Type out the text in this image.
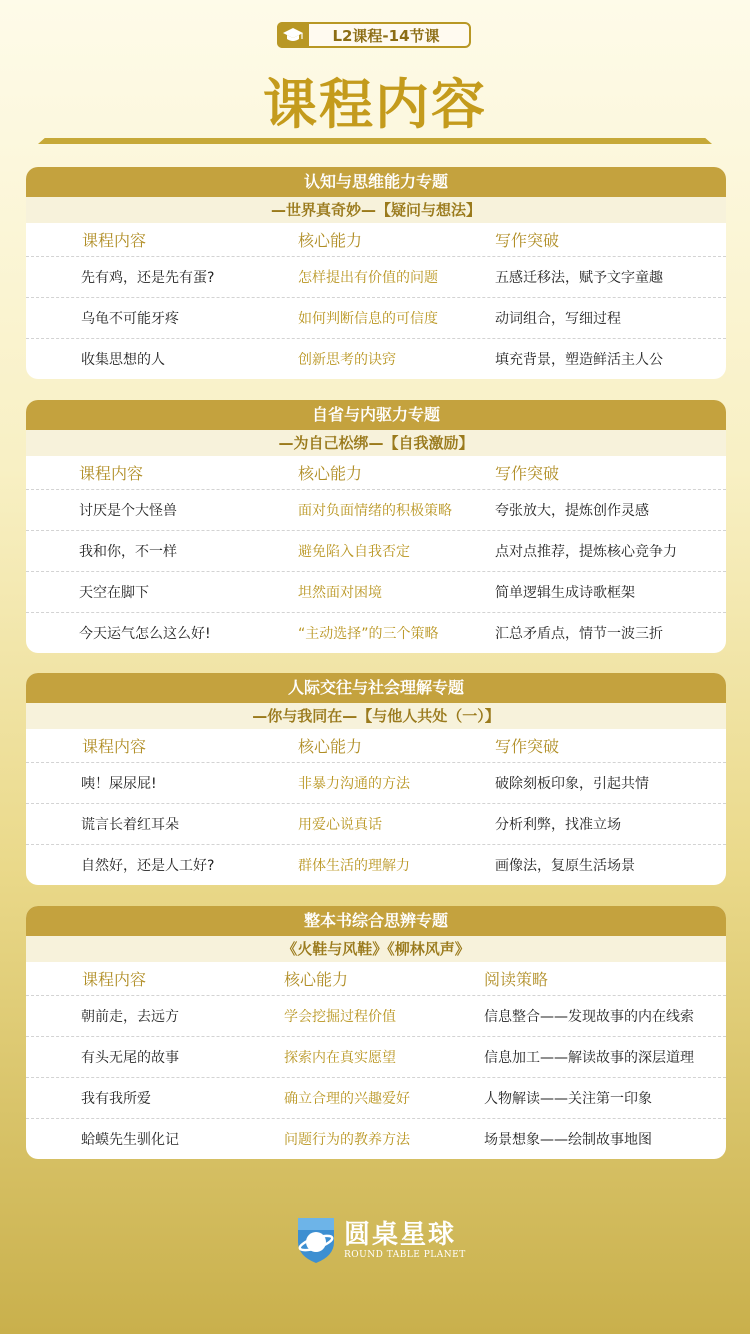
L2课程-14节课
课程内容
认知与思维能力专题
—世界真奇妙—【疑问与想法】
课程内容	核心能力	写作突破
先有鸡，还是先有蛋?	怎样提出有价值的问题	五感迁移法，赋予文字童趣
乌龟不可能牙疼	如何判断信息的可信度	动词组合，写细过程
收集思想的人	创新思考的诀窍	填充背景，塑造鲜活主人公
自省与内驱力专题
—为自己松绑—【自我激励】
课程内容	核心能力	写作突破
讨厌是个大怪兽	面对负面情绪的积极策略	夸张放大，提炼创作灵感
我和你，不一样	避免陷入自我否定	点对点推荐，提炼核心竞争力
天空在脚下	坦然面对困境	简单逻辑生成诗歌框架
今天运气怎么这么好!	“主动选择”的三个策略	汇总矛盾点，情节一波三折
人际交往与社会理解专题
—你与我同在—【与他人共处（一）】
课程内容	核心能力	写作突破
咦！屎尿屁!	非暴力沟通的方法	破除刻板印象，引起共情
谎言长着红耳朵	用爱心说真话	分析利弊，找准立场
自然好，还是人工好?	群体生活的理解力	画像法，复原生活场景
整本书综合思辨专题
《火鞋与风鞋》《柳林风声》
课程内容	核心能力	阅读策略
朝前走，去远方	学会挖掘过程价值	信息整合——发现故事的内在线索
有头无尾的故事	探索内在真实愿望	信息加工——解读故事的深层道理
我有我所爱	确立合理的兴趣爱好	人物解读——关注第一印象
蛤蟆先生驯化记	问题行为的教养方法	场景想象——绘制故事地图
圆桌星球
ROUND TABLE PLANET
